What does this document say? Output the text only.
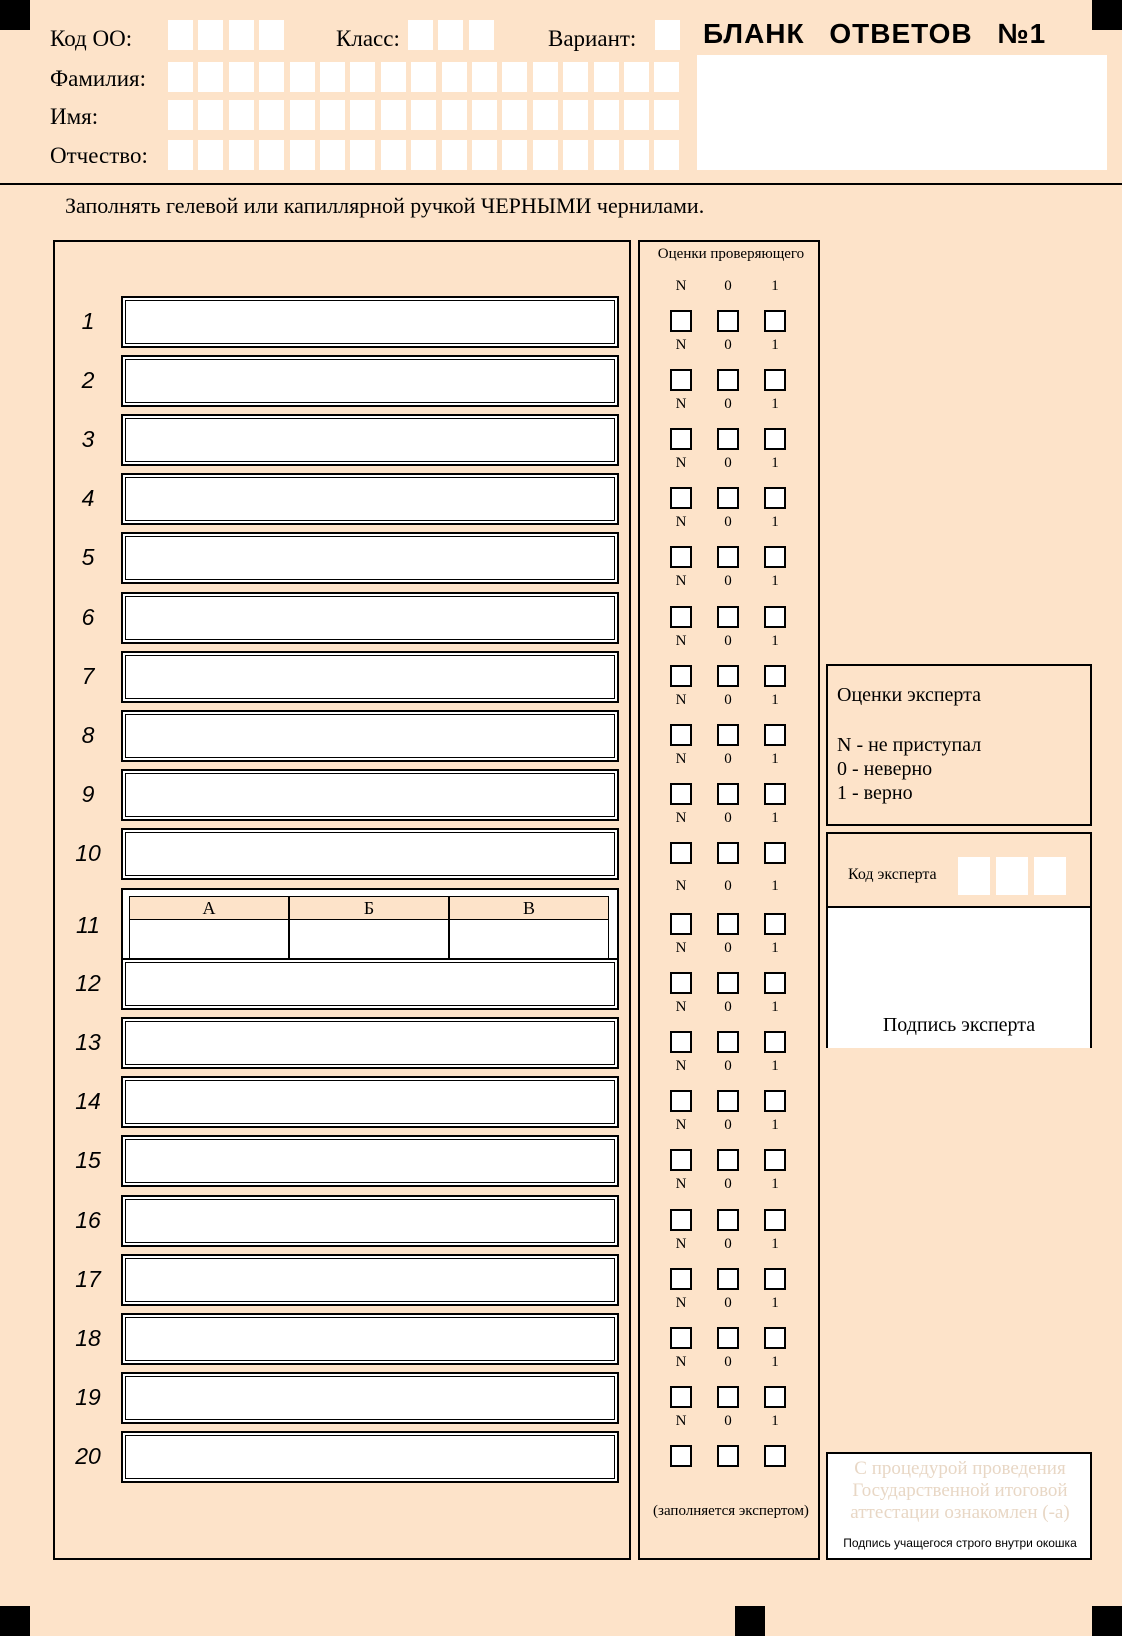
Код ОО:	Класс:	Вариант: БЛАНК ОТВЕТОВ №1
Фамилия:
Имя:
Отчество:
Заполнять гелевой или капиллярной ручкой ЧЕРНЫМИ чернилами.
1
2
3
4
5
6
7
8
9
10
11
А	Б	В
12
13
14
15
16
17
18
19
20
Оценки проверяющего
N	0	1
N	0	1
N	0	1
N	0	1
N	0	1
N	0	1
N	0	1
N	0	1
N	0	1
N	0	1
N	0	1
N	0	1
N	0	1
N	0	1
N	0	1
N	0	1
N	0	1
N	0	1
N	0	1
N	0	1
(заполняется экспертом)
Оценки эксперта
N - не приступал
0 - неверно
1 - верно
Код эксперта
Подпись эксперта
С процедурой проведения Государственной итоговой аттестации ознакомлен (-а)
Подпись учащегося строго внутри окошка
